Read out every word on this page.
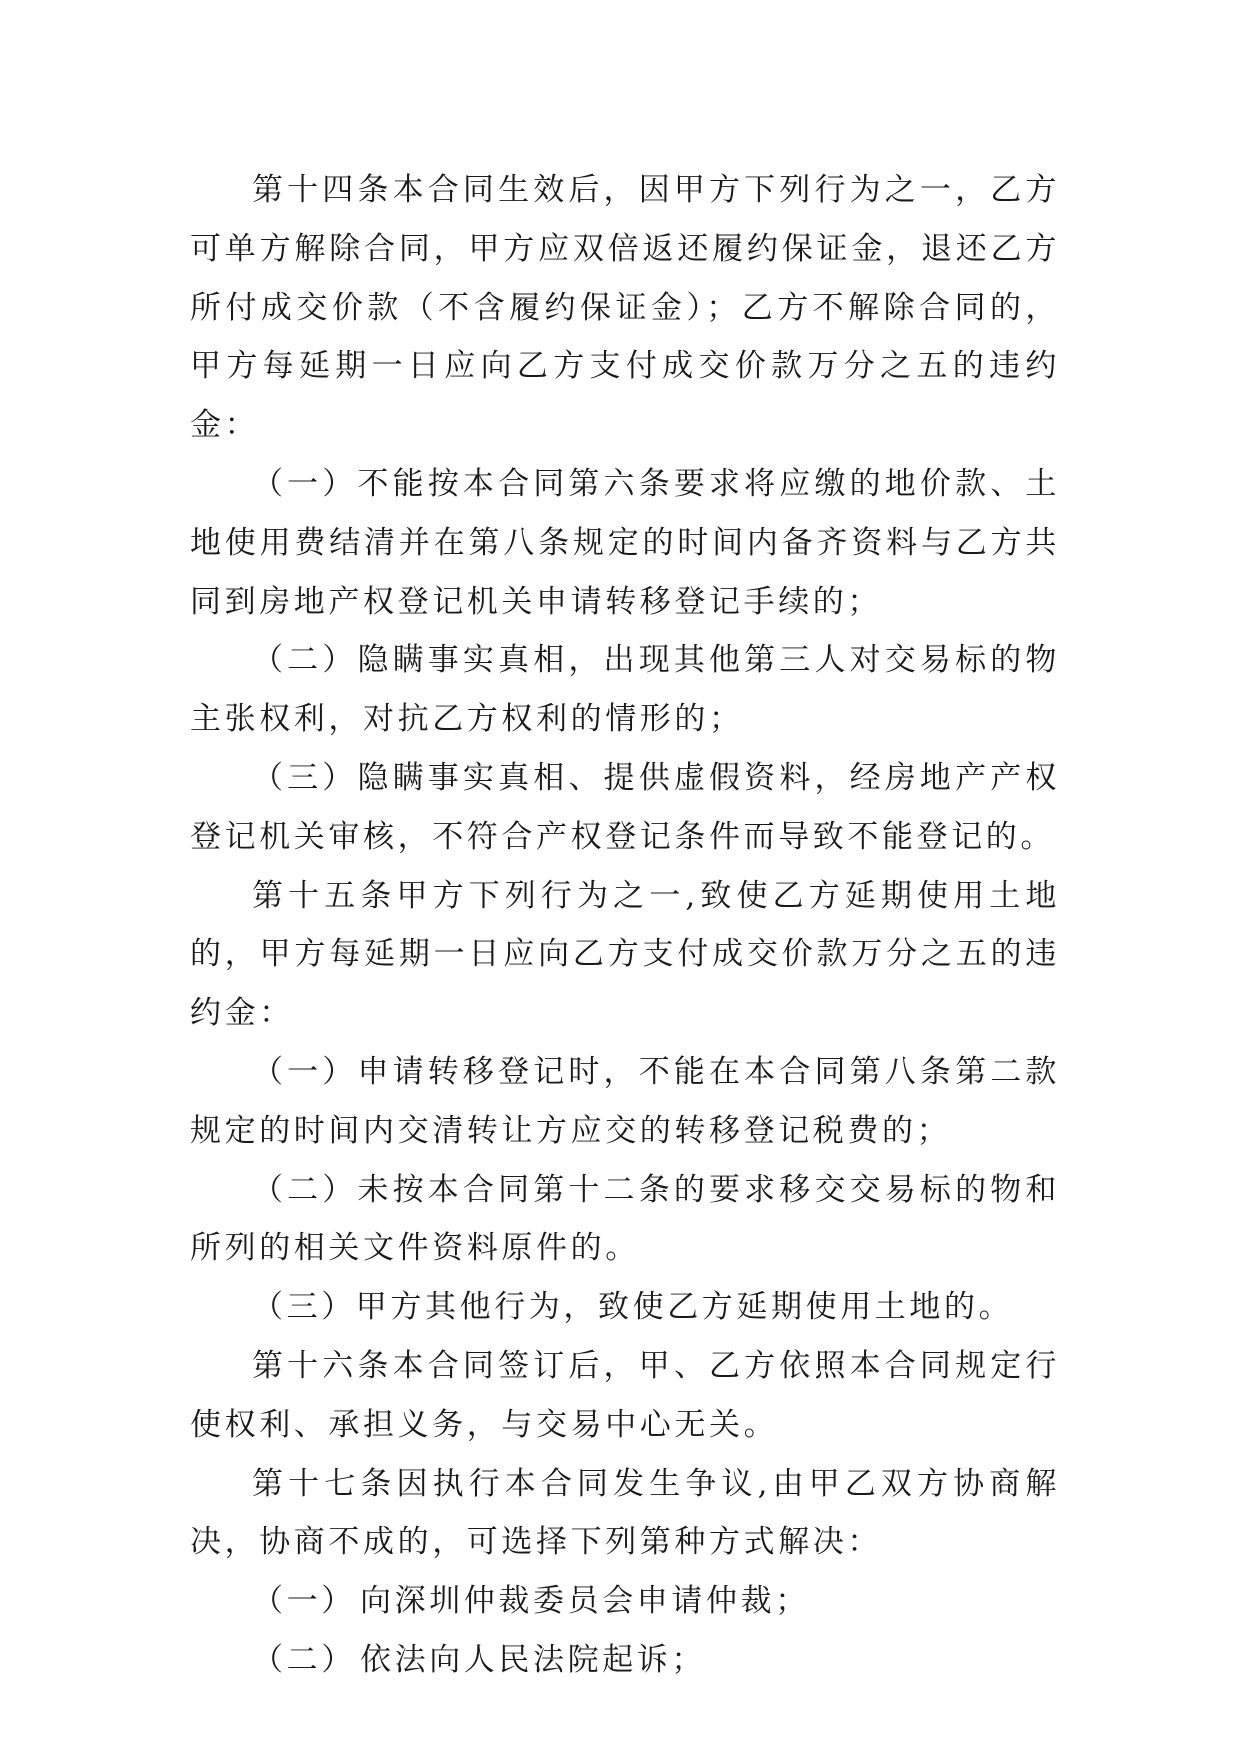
第十四条本合同生效后，因甲方下列行为之一，乙方可单方解除合同，甲方应双倍返还履约保证金，退还乙方所付成交价款（不含履约保证金）；乙方不解除合同的，甲方每延期一日应向乙方支付成交价款万分之五的违约金：

（一）不能按本合同第六条要求将应缴的地价款、土地使用费结清并在第八条规定的时间内备齐资料与乙方共同到房地产权登记机关申请转移登记手续的；

（二）隐瞒事实真相，出现其他第三人对交易标的物主张权利，对抗乙方权利的情形的；

（三）隐瞒事实真相、提供虚假资料，经房地产产权登记机关审核，不符合产权登记条件而导致不能登记的。

第十五条甲方下列行为之一,致使乙方延期使用土地的，甲方每延期一日应向乙方支付成交价款万分之五的违约金：

（一）申请转移登记时，不能在本合同第八条第二款规定的时间内交清转让方应交的转移登记税费的；

（二）未按本合同第十二条的要求移交交易标的物和所列的相关文件资料原件的。

（三）甲方其他行为，致使乙方延期使用土地的。

第十六条本合同签订后，甲、乙方依照本合同规定行使权利、承担义务，与交易中心无关。

第十七条因执行本合同发生争议,由甲乙双方协商解决，协商不成的，可选择下列第种方式解决：

（一） 向深圳仲裁委员会申请仲裁；

（二） 依法向人民法院起诉；
